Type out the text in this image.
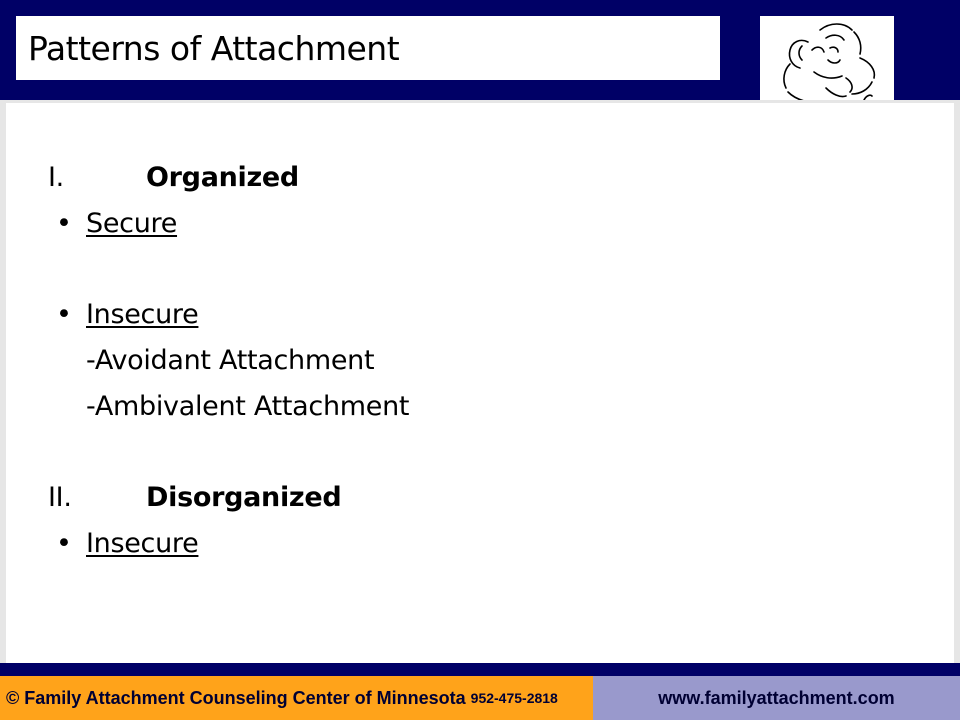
Patterns of Attachment
I.	Organized
• Secure
• Insecure
-Avoidant Attachment
-Ambivalent Attachment
II.	Disorganized
• Insecure
© Family Attachment Counseling Center of Minnesota 952-475-2818	www.familyattachment.com
